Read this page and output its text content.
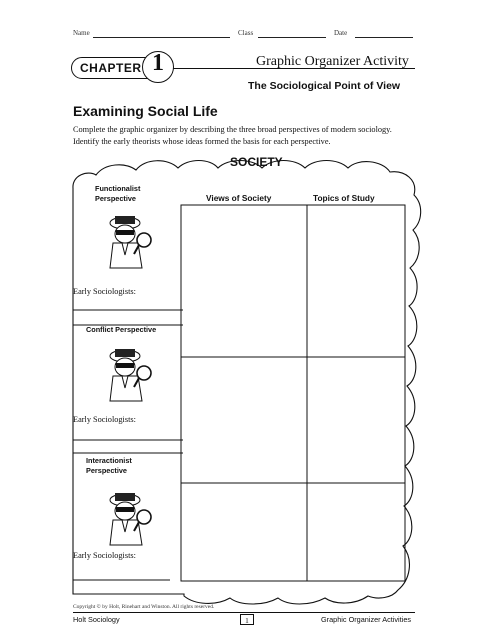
Name	Class	Date
CHAPTER 1	Graphic Organizer Activity
The Sociological Point of View
Examining Social Life
Complete the graphic organizer by describing the three broad perspectives of modern sociology. Identify the early theorists whose ideas formed the basis for each perspective.
SOCIETY
Views of Society	Topics of Study
Functionalist Perspective
Early Sociologists:
Conflict Perspective
Early Sociologists:
Interactionist Perspective
Early Sociologists:
Copyright © by Holt, Rinehart and Winston. All rights reserved.
Holt Sociology	1	Graphic Organizer Activities
